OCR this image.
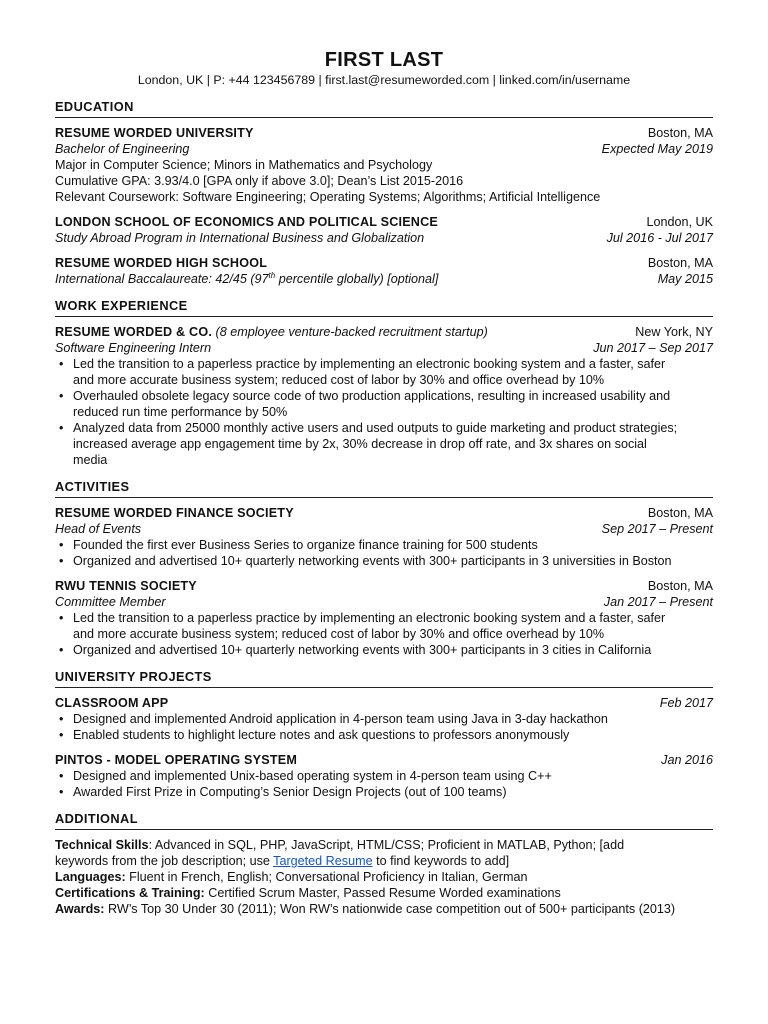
FIRST LAST
London, UK | P: +44 123456789 | first.last@resumeworded.com | linked.com/in/username
EDUCATION
RESUME WORDED UNIVERSITY	Boston, MA
Bachelor of Engineering	Expected May 2019
Major in Computer Science; Minors in Mathematics and Psychology
Cumulative GPA: 3.93/4.0 [GPA only if above 3.0]; Dean’s List 2015-2016
Relevant Coursework: Software Engineering; Operating Systems; Algorithms; Artificial Intelligence
LONDON SCHOOL OF ECONOMICS AND POLITICAL SCIENCE	London, UK
Study Abroad Program in International Business and Globalization	Jul 2016 - Jul 2017
RESUME WORDED HIGH SCHOOL	Boston, MA
International Baccalaureate: 42/45 (97th percentile globally) [optional]	May 2015
WORK EXPERIENCE
RESUME WORDED & CO. (8 employee venture-backed recruitment startup)	New York, NY
Software Engineering Intern	Jun 2017 – Sep 2017
• Led the transition to a paperless practice by implementing an electronic booking system and a faster, safer
and more accurate business system; reduced cost of labor by 30% and office overhead by 10%
• Overhauled obsolete legacy source code of two production applications, resulting in increased usability and
reduced run time performance by 50%
• Analyzed data from 25000 monthly active users and used outputs to guide marketing and product strategies;
increased average app engagement time by 2x, 30% decrease in drop off rate, and 3x shares on social
media
ACTIVITIES
RESUME WORDED FINANCE SOCIETY	Boston, MA
Head of Events	Sep 2017 – Present
• Founded the first ever Business Series to organize finance training for 500 students
• Organized and advertised 10+ quarterly networking events with 300+ participants in 3 universities in Boston
RWU TENNIS SOCIETY	Boston, MA
Committee Member	Jan 2017 – Present
• Led the transition to a paperless practice by implementing an electronic booking system and a faster, safer
and more accurate business system; reduced cost of labor by 30% and office overhead by 10%
• Organized and advertised 10+ quarterly networking events with 300+ participants in 3 cities in California
UNIVERSITY PROJECTS
CLASSROOM APP	Feb 2017
• Designed and implemented Android application in 4-person team using Java in 3-day hackathon
• Enabled students to highlight lecture notes and ask questions to professors anonymously
PINTOS - MODEL OPERATING SYSTEM	Jan 2016
• Designed and implemented Unix-based operating system in 4-person team using C++
• Awarded First Prize in Computing’s Senior Design Projects (out of 100 teams)
ADDITIONAL
Technical Skills: Advanced in SQL, PHP, JavaScript, HTML/CSS; Proficient in MATLAB, Python; [add
keywords from the job description; use Targeted Resume to find keywords to add]
Languages: Fluent in French, English; Conversational Proficiency in Italian, German
Certifications & Training: Certified Scrum Master, Passed Resume Worded examinations
Awards: RW’s Top 30 Under 30 (2011); Won RW’s nationwide case competition out of 500+ participants (2013)
